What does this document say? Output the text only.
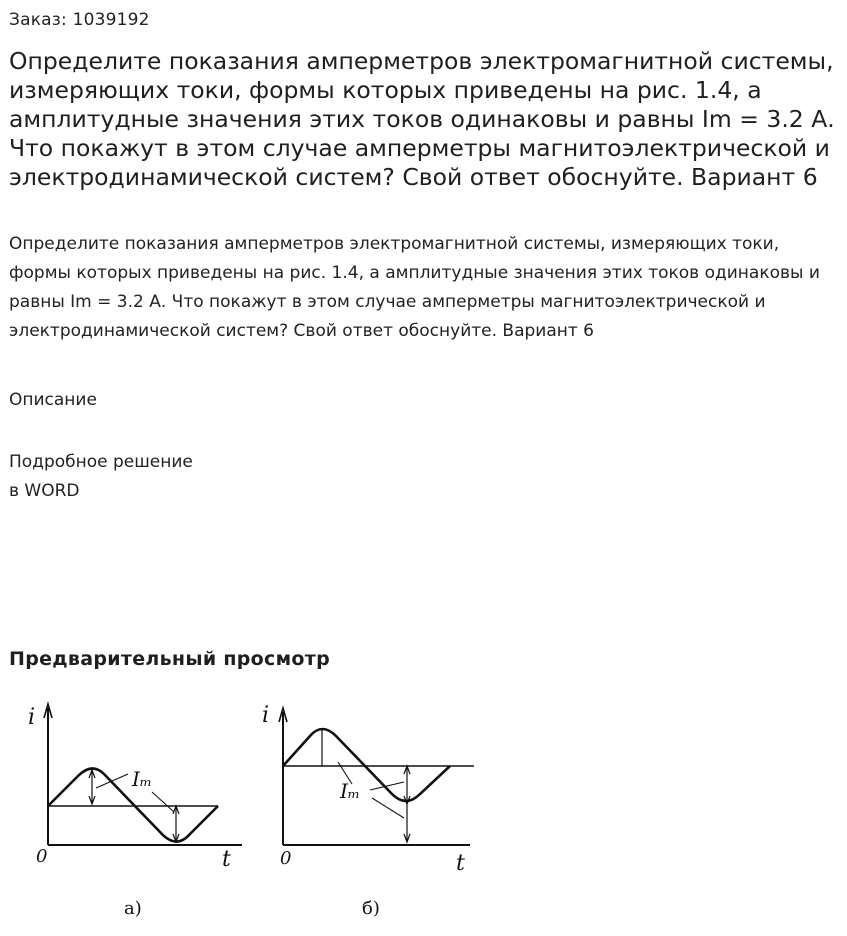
Заказ: 1039192
Определите показания амперметров электромагнитной системы, измеряющих токи, формы которых приведены на рис. 1.4, а амплитудные значения этих токов одинаковы и равны Im = 3.2 А. Что покажут в этом случае амперметры магнитоэлектрической и электродинамической систем? Свой ответ обоснуйте. Вариант 6

Определите показания амперметров электромагнитной системы, измеряющих токи, формы которых приведены на рис. 1.4, а амплитудные значения этих токов одинаковы и равны Im = 3.2 А. Что покажут в этом случае амперметры магнитоэлектрической и электродинамической систем? Свой ответ обоснуйте. Вариант 6

Описание
Подробное решение
в WORD
Предварительный просмотр
i
t
0
Iₘ
а)
i
t
0
Iₘ
б)
